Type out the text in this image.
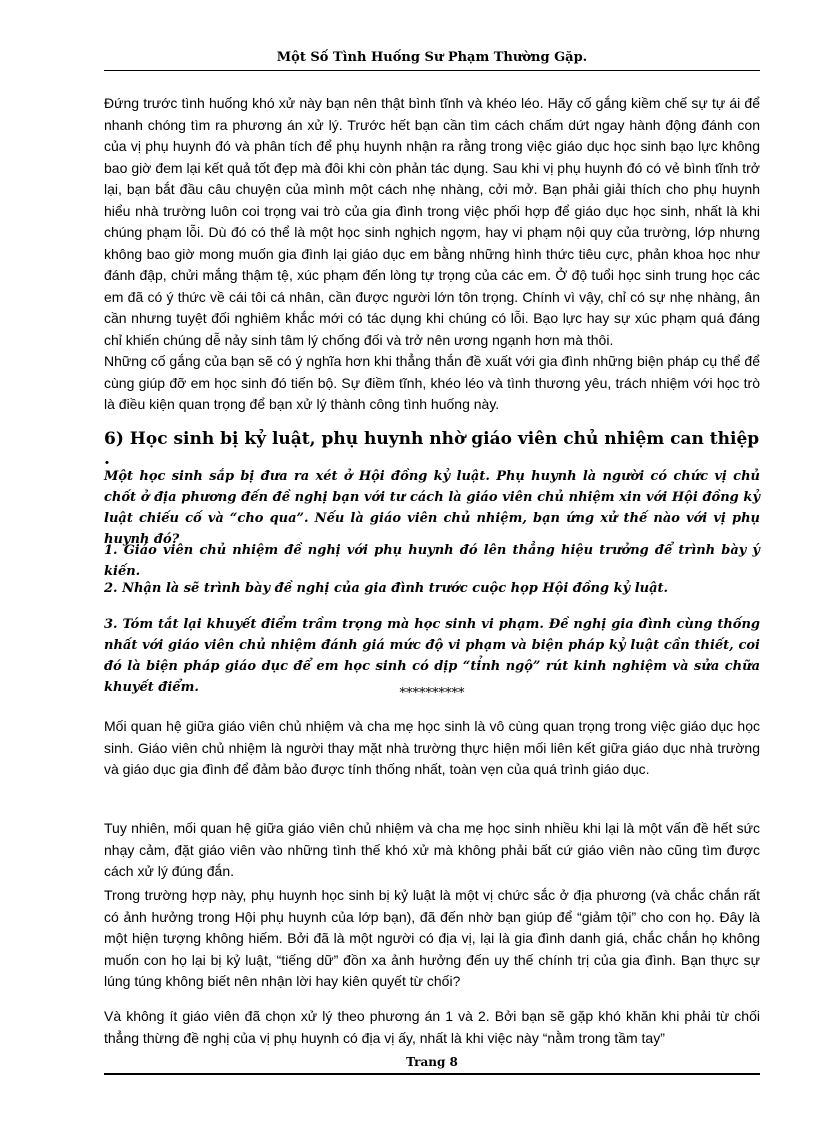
Một Số Tình Huống Sư Phạm Thường Gặp.

Đứng trước tình huống khó xử này bạn nên thật bình tĩnh và khéo léo. Hãy cố gắng kiềm chế sự tự ái để nhanh chóng tìm ra phương án xử lý. Trước hết bạn cần tìm cách chấm dứt ngay hành động đánh con của vị phụ huynh đó và phân tích để phụ huynh nhận ra rằng trong việc giáo dục học sinh bạo lực không bao giờ đem lại kết quả tốt đẹp mà đôi khi còn phản tác dụng. Sau khi vị phụ huynh đó có vẻ bình tĩnh trở lại, bạn bắt đầu câu chuyện của mình một cách nhẹ nhàng, cởi mở. Bạn phải giải thích cho phụ huynh hiểu nhà trường luôn coi trọng vai trò của gia đình trong việc phối hợp để giáo dục học sinh, nhất là khi chúng phạm lỗi. Dù đó có thể là một học sinh nghịch ngợm, hay vi phạm nội quy của trường, lớp nhưng không bao giờ mong muốn gia đình lại giáo dục em bằng những hình thức tiêu cực, phản khoa học như đánh đập, chửi mắng thậm tệ, xúc phạm đến lòng tự trọng của các em. Ở độ tuổi học sinh trung học các em đã có ý thức về cái tôi cá nhân, cần được người lớn tôn trọng. Chính vì vậy, chỉ có sự nhẹ nhàng, ân cần nhưng tuyệt đối nghiêm khắc mới có tác dụng khi chúng có lỗi. Bạo lực hay sự xúc phạm quá đáng chỉ khiến chúng dễ nảy sinh tâm lý chống đối và trở nên ương ngạnh hơn mà thôi.

Những cố gắng của bạn sẽ có ý nghĩa hơn khi thẳng thắn đề xuất với gia đình những biện pháp cụ thể để cùng giúp đỡ em học sinh đó tiến bộ. Sự điềm tĩnh, khéo léo và tình thương yêu, trách nhiệm với học trò là điều kiện quan trọng để bạn xử lý thành công tình huống này.

6) Học sinh bị kỷ luật, phụ huynh nhờ giáo viên chủ nhiệm can thiệp .

Một học sinh sắp bị đưa ra xét ở Hội đồng kỷ luật. Phụ huynh là người có chức vị chủ chốt ở địa phương đến đề nghị bạn với tư cách là giáo viên chủ nhiệm xin với Hội đồng kỷ luật chiếu cố và “cho qua”. Nếu là giáo viên chủ nhiệm, bạn ứng xử thế nào với vị phụ huynh đó?

1. Giáo viên chủ nhiệm đề nghị với phụ huynh đó lên thẳng hiệu trưởng để trình bày ý kiến.

2. Nhận là sẽ trình bày đề nghị của gia đình trước cuộc họp Hội đồng kỷ luật.

3. Tóm tắt lại khuyết điểm trầm trọng mà học sinh vi phạm. Đề nghị gia đình cùng thống nhất với giáo viên chủ nhiệm đánh giá mức độ vi phạm và biện pháp kỷ luật cần thiết, coi đó là biện pháp giáo dục để em học sinh có dịp “tỉnh ngộ” rút kinh nghiệm và sửa chữa khuyết điểm.	**********

Mối quan hệ giữa giáo viên chủ nhiệm và cha mẹ học sinh là vô cùng quan trọng trong việc giáo dục học sinh. Giáo viên chủ nhiệm là người thay mặt nhà trường thực hiện mối liên kết giữa giáo dục nhà trường và giáo dục gia đình để đảm bảo được tính thống nhất, toàn vẹn của quá trình giáo dục.

Tuy nhiên, mối quan hệ giữa giáo viên chủ nhiệm và cha mẹ học sinh nhiều khi lại là một vấn đề hết sức nhạy cảm, đặt giáo viên vào những tình thế khó xử mà không phải bất cứ giáo viên nào cũng tìm được cách xử lý đúng đắn.

Trong trường hợp này, phụ huynh học sinh bị kỷ luật là một vị chức sắc ở địa phương (và chắc chắn rất có ảnh hưởng trong Hội phụ huynh của lớp bạn), đã đến nhờ bạn giúp để “giảm tội” cho con họ. Đây là một hiện tượng không hiếm. Bởi đã là một người có địa vị, lại là gia đình danh giá, chắc chắn họ không muốn con họ lại bị kỷ luật, “tiếng dữ” đồn xa ảnh hưởng đến uy thế chính trị của gia đình. Bạn thực sự lúng túng không biết nên nhận lời hay kiên quyết từ chối?

Và không ít giáo viên đã chọn xử lý theo phương án 1 và 2. Bởi bạn sẽ gặp khó khăn khi phải từ chối thẳng thừng đề nghị của vị phụ huynh có địa vị ấy, nhất là khi việc này “nằm trong tầm tay”

Trang 8
